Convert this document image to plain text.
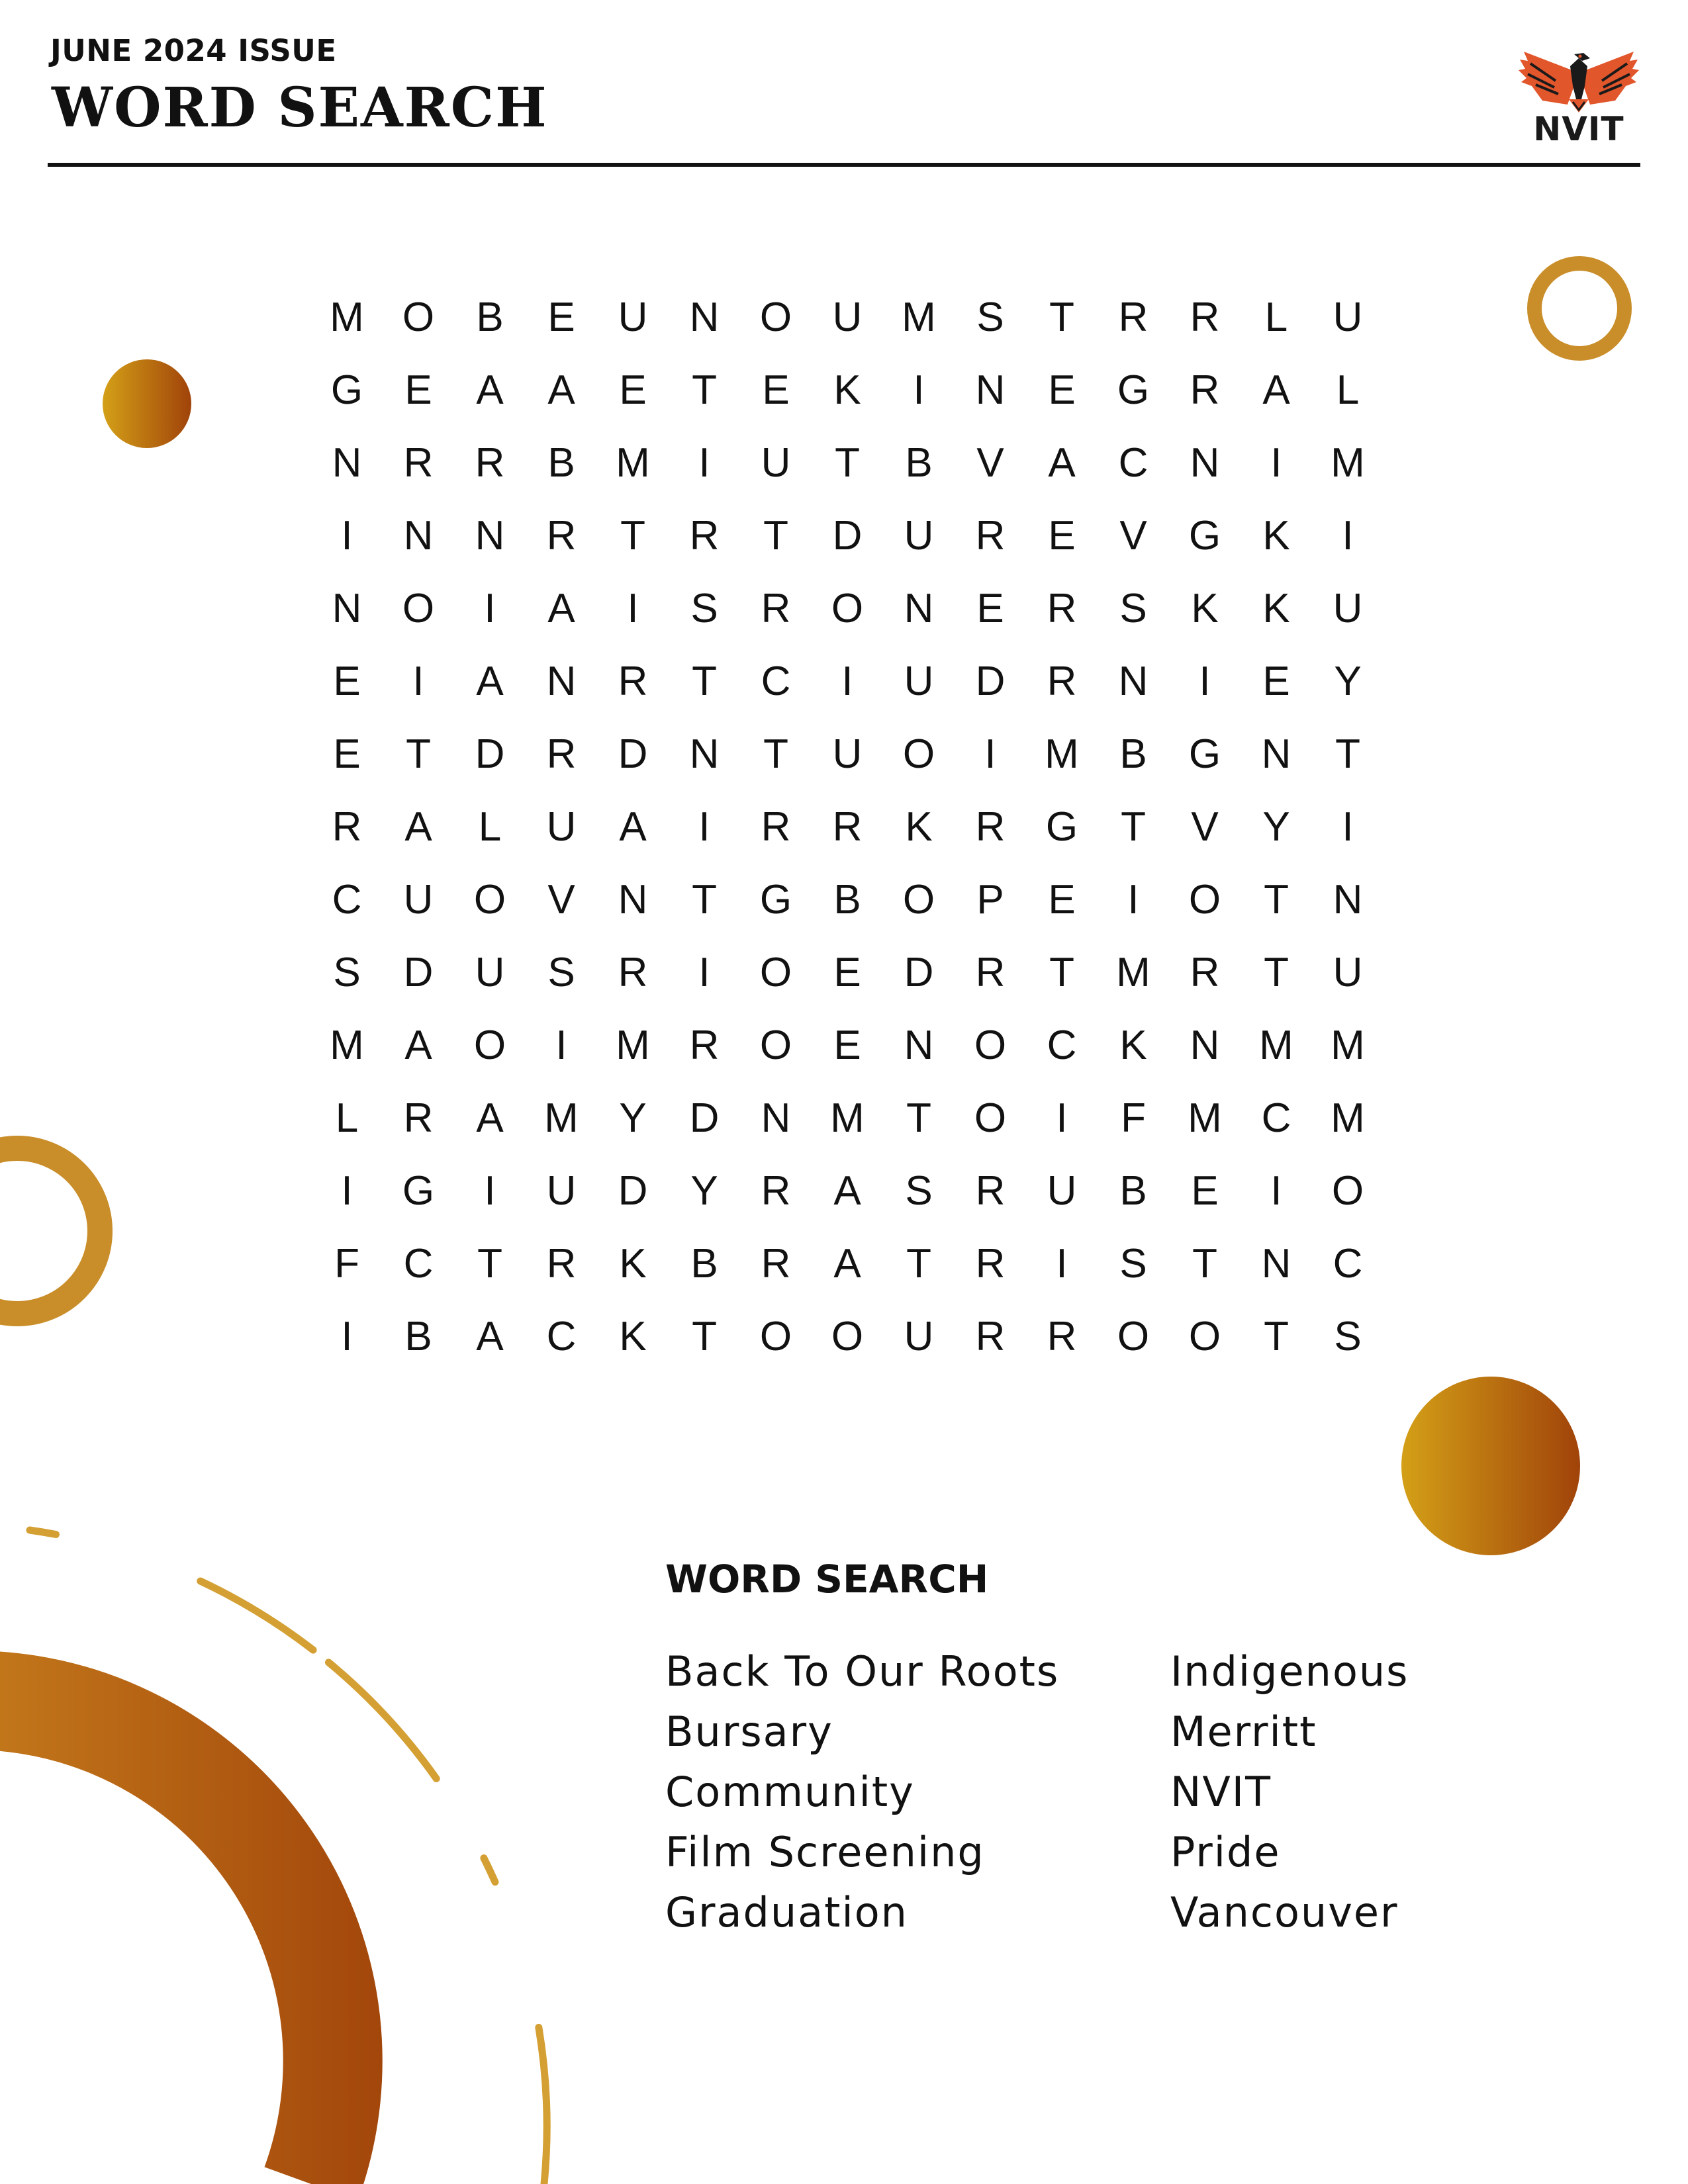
JUNE 2024 ISSUE
WORD SEARCH	NVIT
M O	B	E	U	N O U M S	T	R	R	L	U
G	E	A	A	E	T	E	K	I	N	E	G R	A	L
N	R	R	B M	I	U	T	B	V	A	C	N	I	M
I	N	N	R	T	R	T	D	U	R	E	V	G	K	I
N O	I	A	I	S	R O N	E	R	S	K	K	U
E	I	A	N	R	T	C	I	U	D	R	N	I	E	Y
E	T	D	R	D	N	T	U O	I	M B	G N	T
R	A	L	U	A	I	R	R	K	R G	T	V	Y	I
C	U O	V	N	T	G	B	O	P	E	I	O	T	N
S	D	U	S	R	I	O	E	D	R	T	M R	T	U
M A	O	I	M R O	E	N O C	K	N M M
L	R	A M Y	D	N M	T	O	I	F	M C M
I	G	I	U	D	Y	R	A	S	R	U	B	E	I	O
F	C	T	R	K	B	R	A	T	R	I	S	T	N	C
I	B	A	C	K	T	O O U	R	R O O	T	S
WORD SEARCH
Back To Our Roots
Bursary
Community
Film Screening
Graduation
Indigenous
Merritt
NVIT
Pride
Vancouver
